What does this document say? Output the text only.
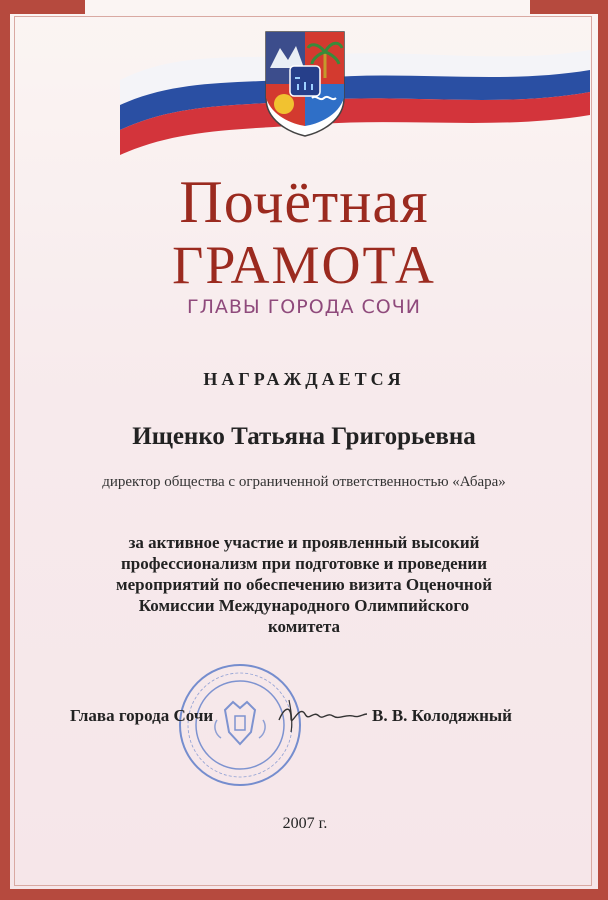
Почётная
ГРАМОТА
ГЛАВЫ ГОРОДА СОЧИ
НАГРАЖДАЕТСЯ
Ищенко Татьяна Григорьевна
директор общества с ограниченной ответственностью «Абара»
за активное участие и проявленный высокий
профессионализм при подготовке и проведении
мероприятий по обеспечению визита Оценочной
Комиссии Международного Олимпийского
комитета
Глава города Сочи	В. В. Колодяжный
2007 г.
